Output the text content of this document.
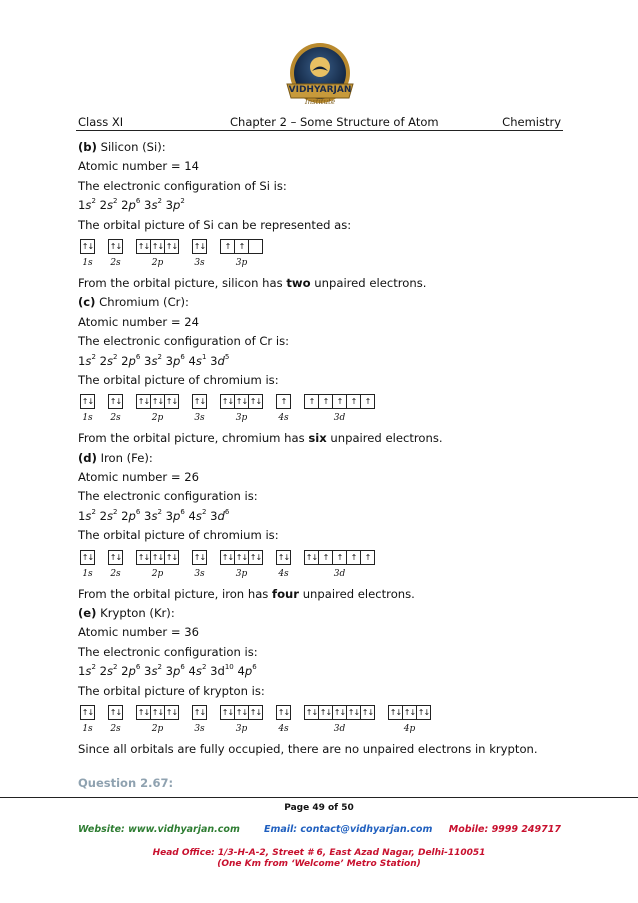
VIDHYARJAN
Institute
Class XI	Chapter 2 – Some Structure of Atom	Chemistry
(b) Silicon (Si):
Atomic number = 14
The electronic configuration of Si is:
$1s^2$ $2s^2$ $2p^6$ $3s^2$ $3p^2$
The orbital picture of Si can be represented as:
↑↓
1s
↑↓
2s
↑↓ ↑↓ ↑↓
2p
↑↓
3s
↑	↑
3p
From the orbital picture, silicon has two unpaired electrons.
(c) Chromium (Cr):
Atomic number = 24
The electronic configuration of Cr is:
$1s^2$ $2s^2$ $2p^6$ $3s^2$ $3p^6$ $4s^1$ $3d^5$
The orbital picture of chromium is:
↑↓
1s
↑↓
2s
↑↓ ↑↓ ↑↓
2p
↑↓
3s
↑↓ ↑↓ ↑↓
3p
↑
4s
↑	↑	↑	↑	↑
3d
From the orbital picture, chromium has six unpaired electrons.
(d) Iron (Fe):
Atomic number = 26
The electronic configuration is:
$1s^2$ $2s^2$ $2p^6$ $3s^2$ $3p^6$ $4s^2$ $3d^6$
The orbital picture of chromium is:
↑↓
1s
↑↓
2s
↑↓ ↑↓ ↑↓
2p
↑↓
3s
↑↓ ↑↓ ↑↓
3p
↑↓
4s
↑↓ ↑	↑	↑	↑
3d
From the orbital picture, iron has four unpaired electrons.
(e) Krypton (Kr):
Atomic number = 36
The electronic configuration is:
$1s^2$ $2s^2$ $2p^6$ $3s^2$ $3p^6$ $4s^2$ $3d^{10}$ $4p^6$
The orbital picture of krypton is:
↑↓
1s
↑↓
2s
↑↓ ↑↓ ↑↓
2p
↑↓
3s
↑↓ ↑↓ ↑↓
3p
↑↓
4s
↑↓ ↑↓ ↑↓ ↑↓ ↑↓
3d
↑↓ ↑↓ ↑↓
4p
Since all orbitals are fully occupied, there are no unpaired electrons in krypton.
Question 2.67:
Page 49 of 50
Website: www.vidhyarjan.com	Email: contact@vidhyarjan.com Mobile: 9999 249717
Head Office: 1/3-H-A-2, Street # 6, East Azad Nagar, Delhi-110051
(One Km from ‘Welcome’ Metro Station)
